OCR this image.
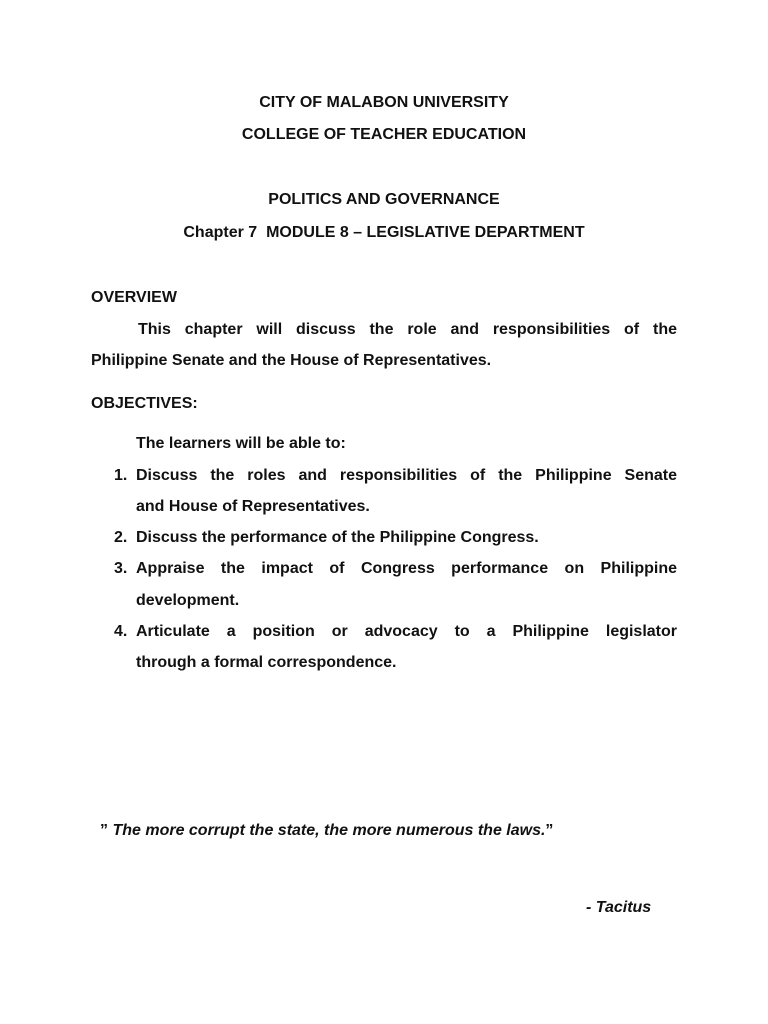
CITY OF MALABON UNIVERSITY
COLLEGE OF TEACHER EDUCATION
POLITICS AND GOVERNANCE
Chapter 7  MODULE 8 – LEGISLATIVE DEPARTMENT
OVERVIEW
This chapter will discuss the role and responsibilities of the
Philippine Senate and the House of Representatives.
OBJECTIVES:
The learners will be able to:
1. Discuss the roles and responsibilities of the Philippine Senate
and House of Representatives.
2. Discuss the performance of the Philippine Congress.
3. Appraise the impact of Congress performance on Philippine
development.
4. Articulate a position or advocacy to a Philippine legislator
through a formal correspondence.
” The more corrupt the state, the more numerous the laws.”
- Tacitus
